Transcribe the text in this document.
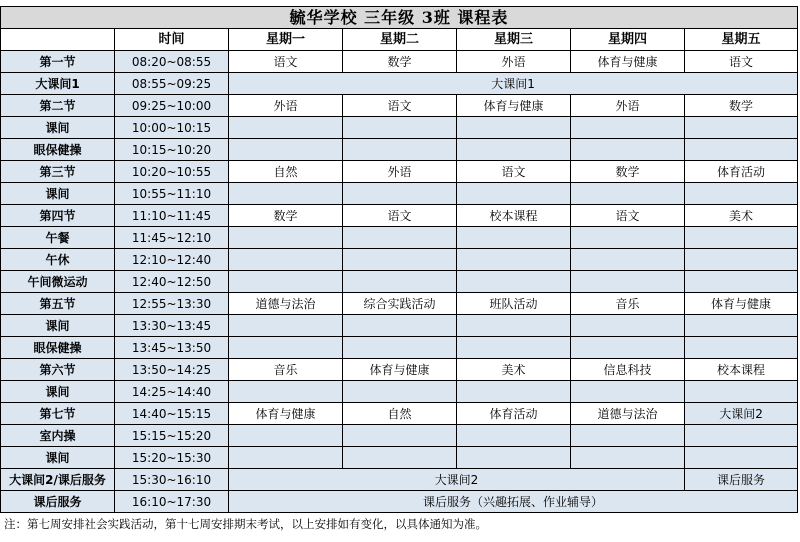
毓华学校 三年级 3班 课程表						
	时间	星期一	星期二	星期三	星期四	星期五
第一节	08:20~08:55	语文	数学	外语	体育与健康	语文
大课间1	08:55~09:25	大课间1				
第二节	09:25~10:00	外语	语文	体育与健康	外语	数学
课间	10:00~10:15					
眼保健操	10:15~10:20					
第三节	10:20~10:55	自然	外语	语文	数学	体育活动
课间	10:55~11:10					
第四节	11:10~11:45	数学	语文	校本课程	语文	美术
午餐	11:45~12:10					
午休	12:10~12:40					
午间微运动	12:40~12:50					
第五节	12:55~13:30	道德与法治	综合实践活动	班队活动	音乐	体育与健康
课间	13:30~13:45					
眼保健操	13:45~13:50					
第六节	13:50~14:25	音乐	体育与健康	美术	信息科技	校本课程
课间	14:25~14:40					
第七节	14:40~15:15	体育与健康	自然	体育活动	道德与法治	大课间2
室内操	15:15~15:20					
课间	15:20~15:30					
大课间2/课后服务	15:30~16:10	大课间2				课后服务
课后服务	16:10~17:30	课后服务（兴趣拓展、作业辅导）				
注：第七周安排社会实践活动，第十七周安排期末考试，以上安排如有变化，以具体通知为准。
